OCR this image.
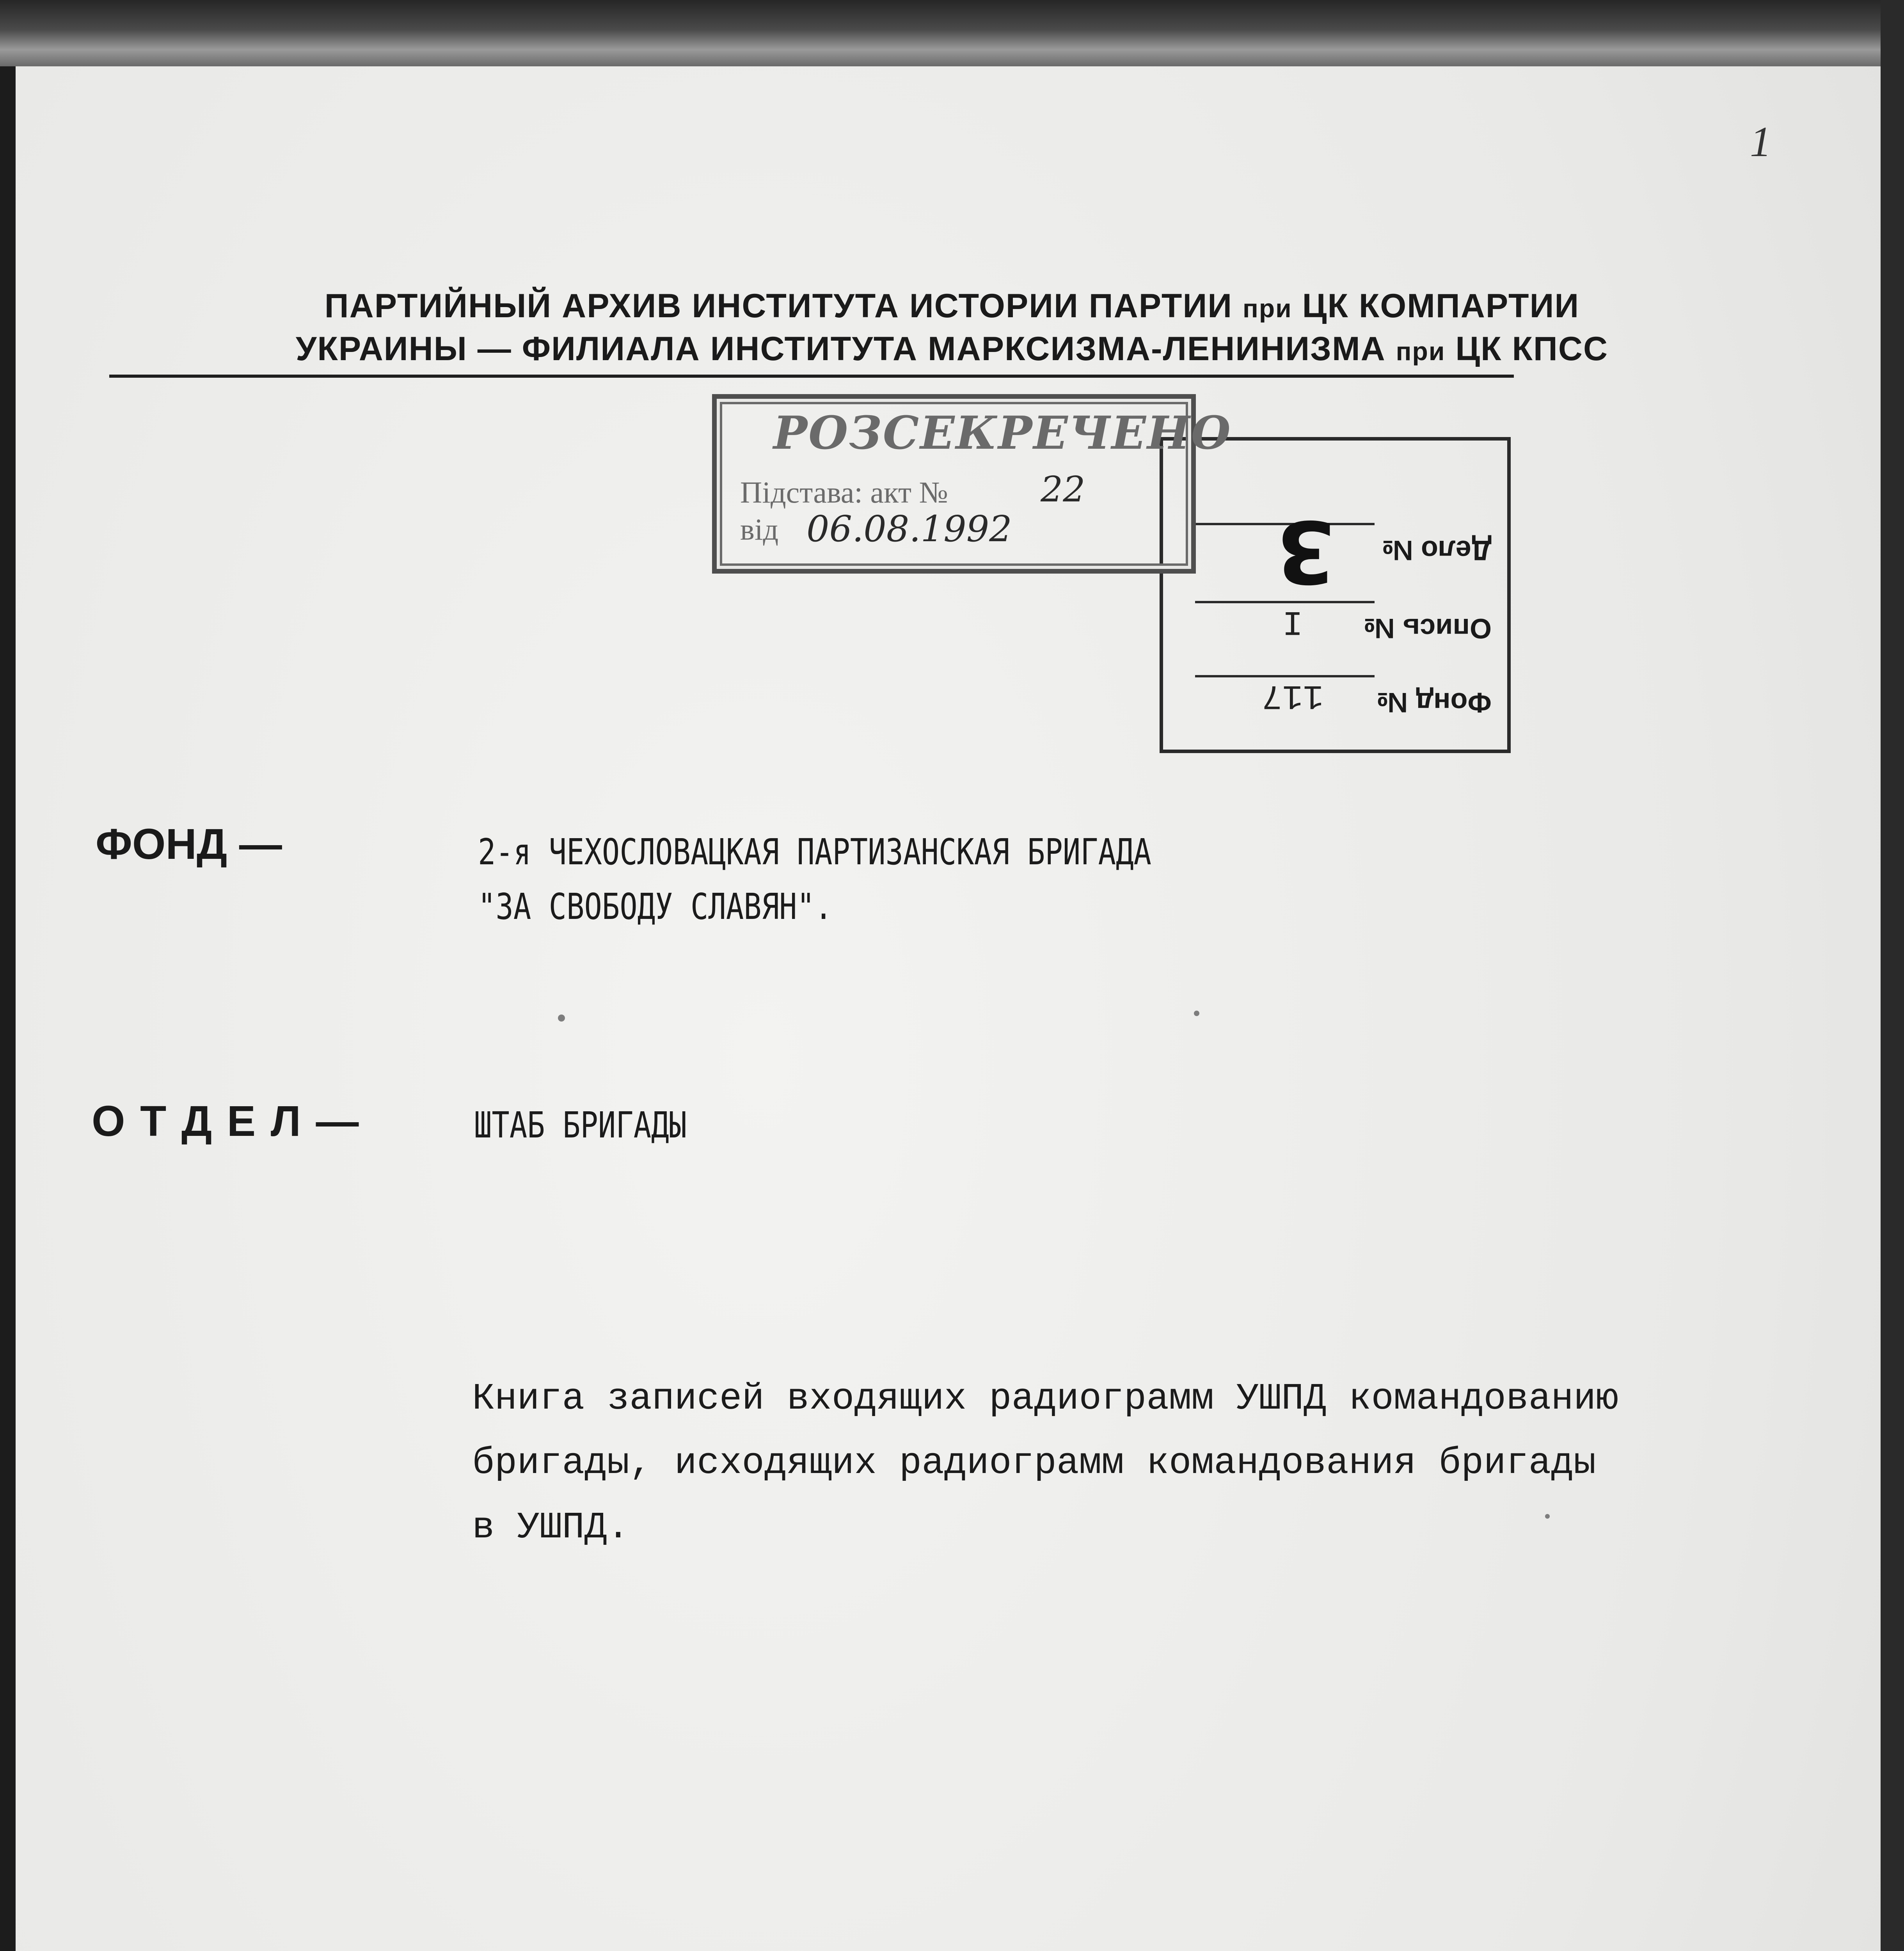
1
ПАРТИЙНЫЙ АРХИВ ИНСТИТУТА ИСТОРИИ ПАРТИИ при ЦК КОМПАРТИИ
УКРАИНЫ — ФИЛИАЛА ИНСТИТУТА МАРКСИЗМА-ЛЕНИНИЗМА при ЦК КПСС
Фонд №
117
Опись №
I
Дело №
3
РОЗСЕКРЕЧЕНО
Підстава: акт №	22
від 06.08.1992
ФОНД —	2-я ЧЕХОСЛОВАЦКАЯ ПАРТИЗАНСКАЯ БРИГАДА
"ЗА СВОБОДУ СЛАВЯН".
О Т Д Е Л —	ШТАБ БРИГАДЫ
Книга записей входящих радиограмм УШПД командованию
бригады, исходящих радиограмм командования бригады
в УШПД.
